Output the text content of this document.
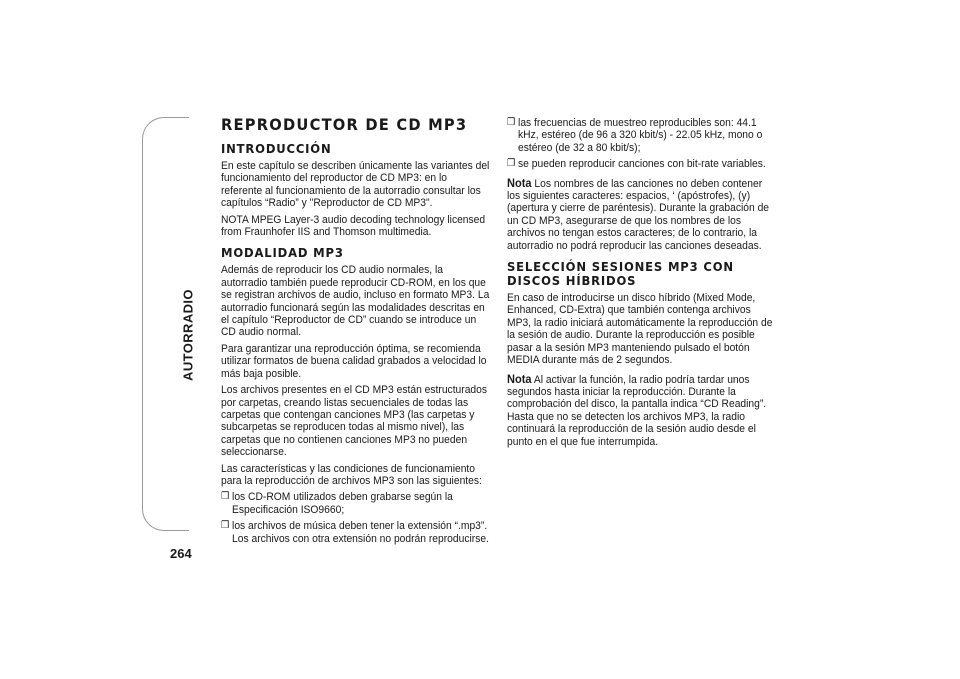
AUTORRADIO
264
REPRODUCTOR DE CD MP3
INTRODUCCIÓN

En este capítulo se describen únicamente las variantes del funcionamiento del reproductor de CD MP3: en lo referente al funcionamiento de la autorradio consultar los capítulos “Radio” y "Reproductor de CD MP3".

NOTA MPEG Layer-3 audio decoding technology licensed from Fraunhofer IIS and Thomson multimedia.

MODALIDAD MP3

Además de reproducir los CD audio normales, la autorradio también puede reproducir CD-ROM, en los que se registran archivos de audio, incluso en formato MP3. La autorradio funcionará según las modalidades descritas en el capítulo “Reproductor de CD” cuando se introduce un CD audio normal.

Para garantizar una reproducción óptima, se recomienda utilizar formatos de buena calidad grabados a velocidad lo más baja posible.

Los archivos presentes en el CD MP3 están estructurados por carpetas, creando listas secuenciales de todas las carpetas que contengan canciones MP3 (las carpetas y subcarpetas se reproducen todas al mismo nivel), las carpetas que no contienen canciones MP3 no pueden seleccionarse.

Las características y las condiciones de funcionamiento para la reproducción de archivos MP3 son las siguientes:

❒ los CD-ROM utilizados deben grabarse según la Especificación ISO9660;
❒ los archivos de música deben tener la extensión “.mp3”. Los archivos con otra extensión no podrán reproducirse.
❒ las frecuencias de muestreo reproducibles son: 44.1 kHz, estéreo (de 96 a 320 kbit/s) - 22.05 kHz, mono o estéreo (de 32 a 80 kbit/s);
❒ se pueden reproducir canciones con bit-rate variables.

Nota Los nombres de las canciones no deben contener los siguientes caracteres: espacios, ‘ (apóstrofes), (y) (apertura y cierre de paréntesis). Durante la grabación de un CD MP3, asegurarse de que los nombres de los archivos no tengan estos caracteres; de lo contrario, la autorradio no podrá reproducir las canciones deseadas.

SELECCIÓN SESIONES MP3 CON DISCOS HÍBRIDOS

En caso de introducirse un disco híbrido (Mixed Mode, Enhanced, CD-Extra) que también contenga archivos MP3, la radio iniciará automáticamente la reproducción de la sesión de audio. Durante la reproducción es posible pasar a la sesión MP3 manteniendo pulsado el botón MEDIA durante más de 2 segundos.

Nota Al activar la función, la radio podría tardar unos segundos hasta iniciar la reproducción. Durante la comprobación del disco, la pantalla indica “CD Reading”. Hasta que no se detecten los archivos MP3, la radio continuará la reproducción de la sesión audio desde el punto en el que fue interrumpida.
